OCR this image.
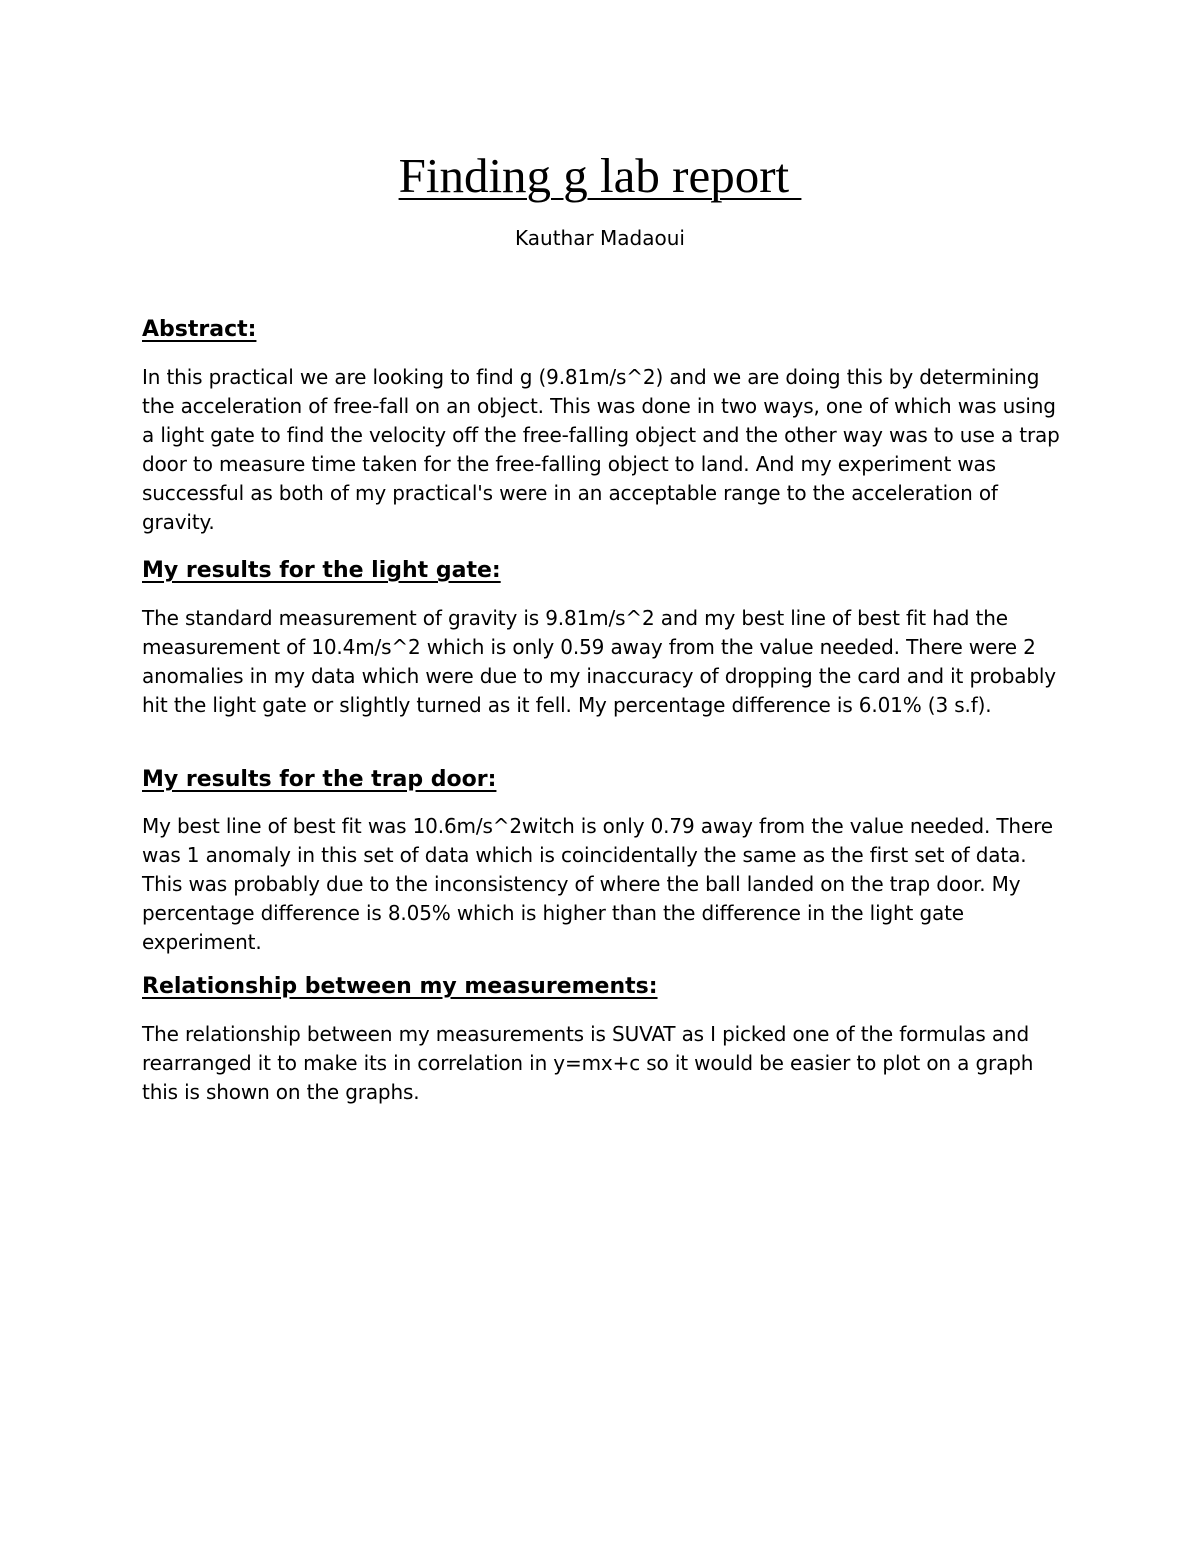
Finding g lab report
Kauthar Madaoui
Abstract:

In this practical we are looking to find g (9.81m/s^2) and we are doing this by determining the acceleration of free-fall on an object. This was done in two ways, one of which was using a light gate to find the velocity off the free-falling object and the other way was to use a trap door to measure time taken for the free-falling object to land. And my experiment was successful as both of my practical's were in an acceptable range to the acceleration of gravity.

My results for the light gate:

The standard measurement of gravity is 9.81m/s^2 and my best line of best fit had the measurement of 10.4m/s^2 which is only 0.59 away from the value needed. There were 2 anomalies in my data which were due to my inaccuracy of dropping the card and it probably hit the light gate or slightly turned as it fell. My percentage difference is 6.01% (3 s.f).

My results for the trap door:

My best line of best fit was 10.6m/s^2witch is only 0.79 away from the value needed. There was 1 anomaly in this set of data which is coincidentally the same as the first set of data. This was probably due to the inconsistency of where the ball landed on the trap door. My percentage difference is 8.05% which is higher than the difference in the light gate experiment.

Relationship between my measurements:

The relationship between my measurements is SUVAT as I picked one of the formulas and rearranged it to make its in correlation in y=mx+c so it would be easier to plot on a graph this is shown on the graphs.
